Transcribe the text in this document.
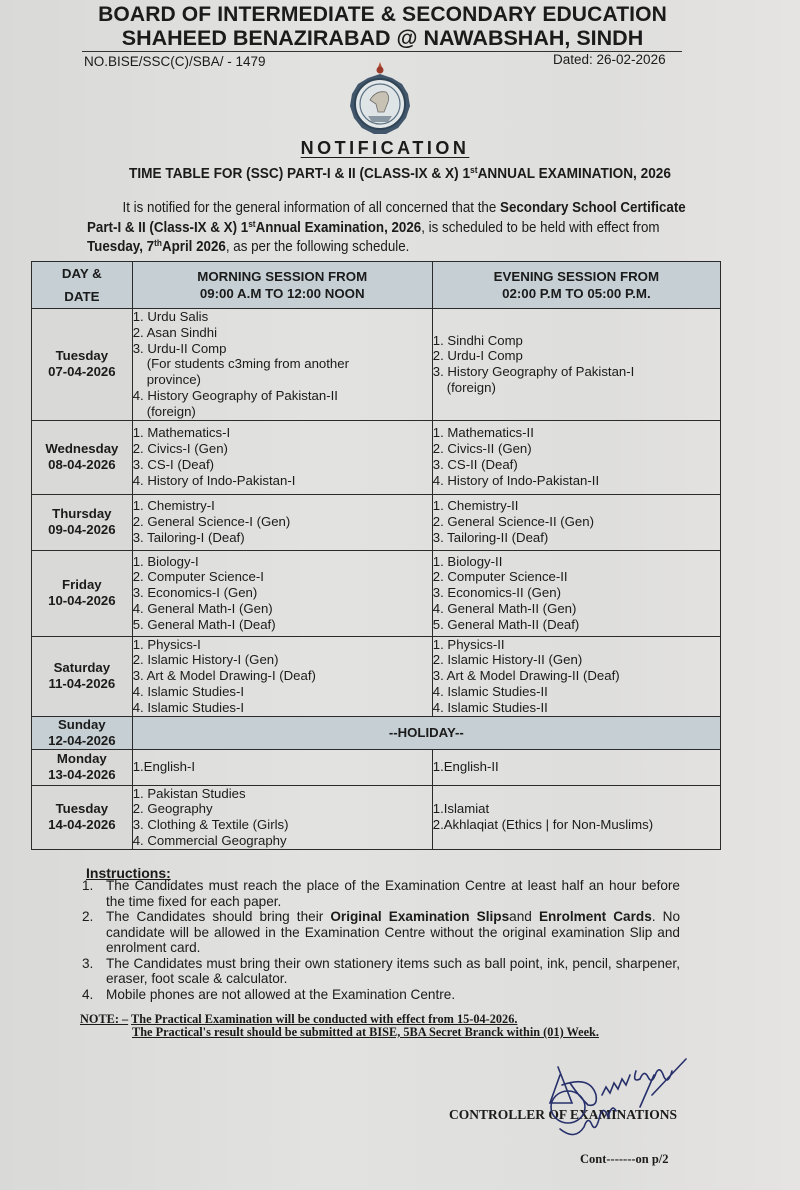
BOARD OF INTERMEDIATE & SECONDARY EDUCATION
SHAHEED BENAZIRABAD @ NAWABSHAH, SINDH
NO.BISE/SSC(C)/SBA/ - 1479	Dated: 26-02-2026
NOTIFICATION
TIME TABLE FOR (SSC) PART-I & II (CLASS-IX & X) 1stANNUAL EXAMINATION, 2026
It is notified for the general information of all concerned that the Secondary School Certificate Part-I & II (Class-IX & X) 1stAnnual Examination, 2026, is scheduled to be held with effect from Tuesday, 7thApril 2026, as per the following schedule.
DAY &
DATE

MORNING SESSION FROM
09:00 A.M TO 12:00 NOON

EVENING SESSION FROM
02:00 P.M TO 05:00 P.M.

Tuesday
07-04-2026

1. Urdu Salis
2. Asan Sindhi
3. Urdu-II Comp
(For students c3ming from another
province)
4. History Geography of Pakistan-II
(foreign)

1. Sindhi Comp
2. Urdu-I Comp
3. History Geography of Pakistan-I
(foreign)

Wednesday
08-04-2026

1. Mathematics-I
2. Civics-I (Gen)
3. CS-I (Deaf)
4. History of Indo-Pakistan-I

1. Mathematics-II
2. Civics-II (Gen)
3. CS-II (Deaf)
4. History of Indo-Pakistan-II

Thursday
09-04-2026

1. Chemistry-I
2. General Science-I (Gen)
3. Tailoring-I (Deaf)

1. Chemistry-II
2. General Science-II (Gen)
3. Tailoring-II (Deaf)

Friday
10-04-2026

1. Biology-I
2. Computer Science-I
3. Economics-I (Gen)
4. General Math-I (Gen)
5. General Math-I (Deaf)

1. Biology-II
2. Computer Science-II
3. Economics-II (Gen)
4. General Math-II (Gen)
5. General Math-II (Deaf)

Saturday
11-04-2026

1. Physics-I
2. Islamic History-I (Gen)
3. Art & Model Drawing-I (Deaf)
4. Islamic Studies-I
4. Islamic Studies-I

1. Physics-II
2. Islamic History-II (Gen)
3. Art & Model Drawing-II (Deaf)
4. Islamic Studies-II
4. Islamic Studies-II

Sunday
12-04-2026	--HOLIDAY--

Monday
13-04-2026

1.English-I	1.English-II

Tuesday
14-04-2026

1. Pakistan Studies
2. Geography
3. Clothing & Textile (Girls)
4. Commercial Geography

1.Islamiat
2.Akhlaqiat (Ethics | for Non-Muslims)
Instructions:
1. The Candidates must reach the place of the Examination Centre at least half an hour before the time fixed for each paper.
2. The Candidates should bring their Original Examination Slipsand Enrolment Cards. No candidate will be allowed in the Examination Centre without the original examination Slip and enrolment card.
3. The Candidates must bring their own stationery items such as ball point, ink, pencil, sharpener, eraser, foot scale & calculator.
4. Mobile phones are not allowed at the Examination Centre.
NOTE: – The Practical Examination will be conducted with effect from 15-04-2026.
The Practical's result should be submitted at BISE, 5BA Secret Branck within (01) Week.
CONTROLLER OF EXAMINATIONS
Cont-------on p/2
